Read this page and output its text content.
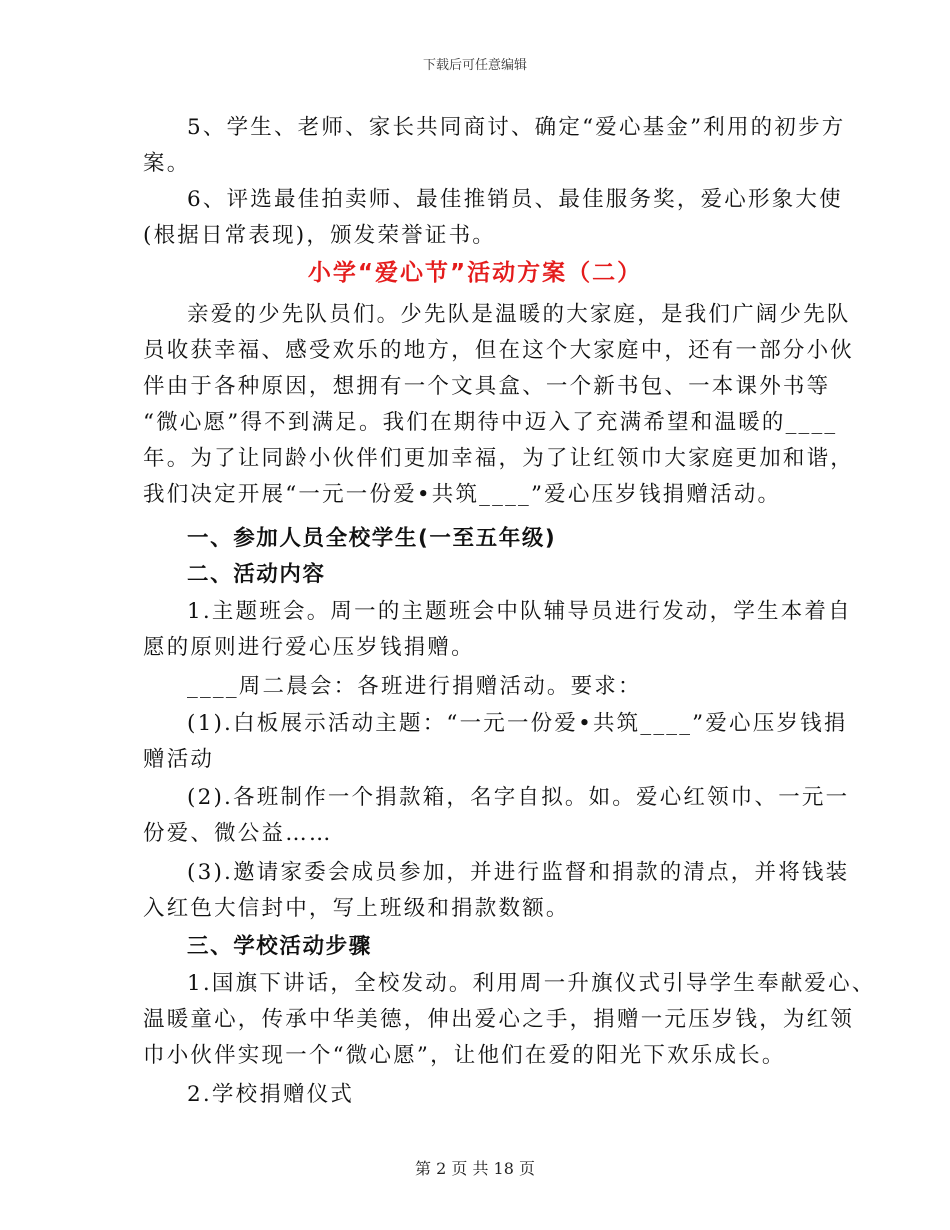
下载后可任意编辑
5、学生、老师、家长共同商讨、确定“爱心基金”利用的初步方
案。
6、评选最佳拍卖师、最佳推销员、最佳服务奖，爱心形象大使
(根据日常表现)，颁发荣誉证书。
小学“爱心节”活动方案（二）
亲爱的少先队员们。少先队是温暖的大家庭，是我们广阔少先队
员收获幸福、感受欢乐的地方，但在这个大家庭中，还有一部分小伙
伴由于各种原因，想拥有一个文具盒、一个新书包、一本课外书等
“微心愿”得不到满足。我们在期待中迈入了充满希望和温暖的____
年。为了让同龄小伙伴们更加幸福，为了让红领巾大家庭更加和谐，
我们决定开展“一元一份爱•共筑____”爱心压岁钱捐赠活动。
一、参加人员全校学生(一至五年级)
二、活动内容
1.主题班会。周一的主题班会中队辅导员进行发动，学生本着自
愿的原则进行爱心压岁钱捐赠。
____周二晨会：各班进行捐赠活动。要求：
(1).白板展示活动主题：“一元一份爱•共筑____”爱心压岁钱捐
赠活动
(2).各班制作一个捐款箱，名字自拟。如。爱心红领巾、一元一
份爱、微公益……
(3).邀请家委会成员参加，并进行监督和捐款的清点，并将钱装
入红色大信封中，写上班级和捐款数额。
三、学校活动步骤
1.国旗下讲话，全校发动。利用周一升旗仪式引导学生奉献爱心、
温暖童心，传承中华美德，伸出爱心之手，捐赠一元压岁钱，为红领
巾小伙伴实现一个“微心愿”，让他们在爱的阳光下欢乐成长。
2.学校捐赠仪式
第 2 页 共 18 页
